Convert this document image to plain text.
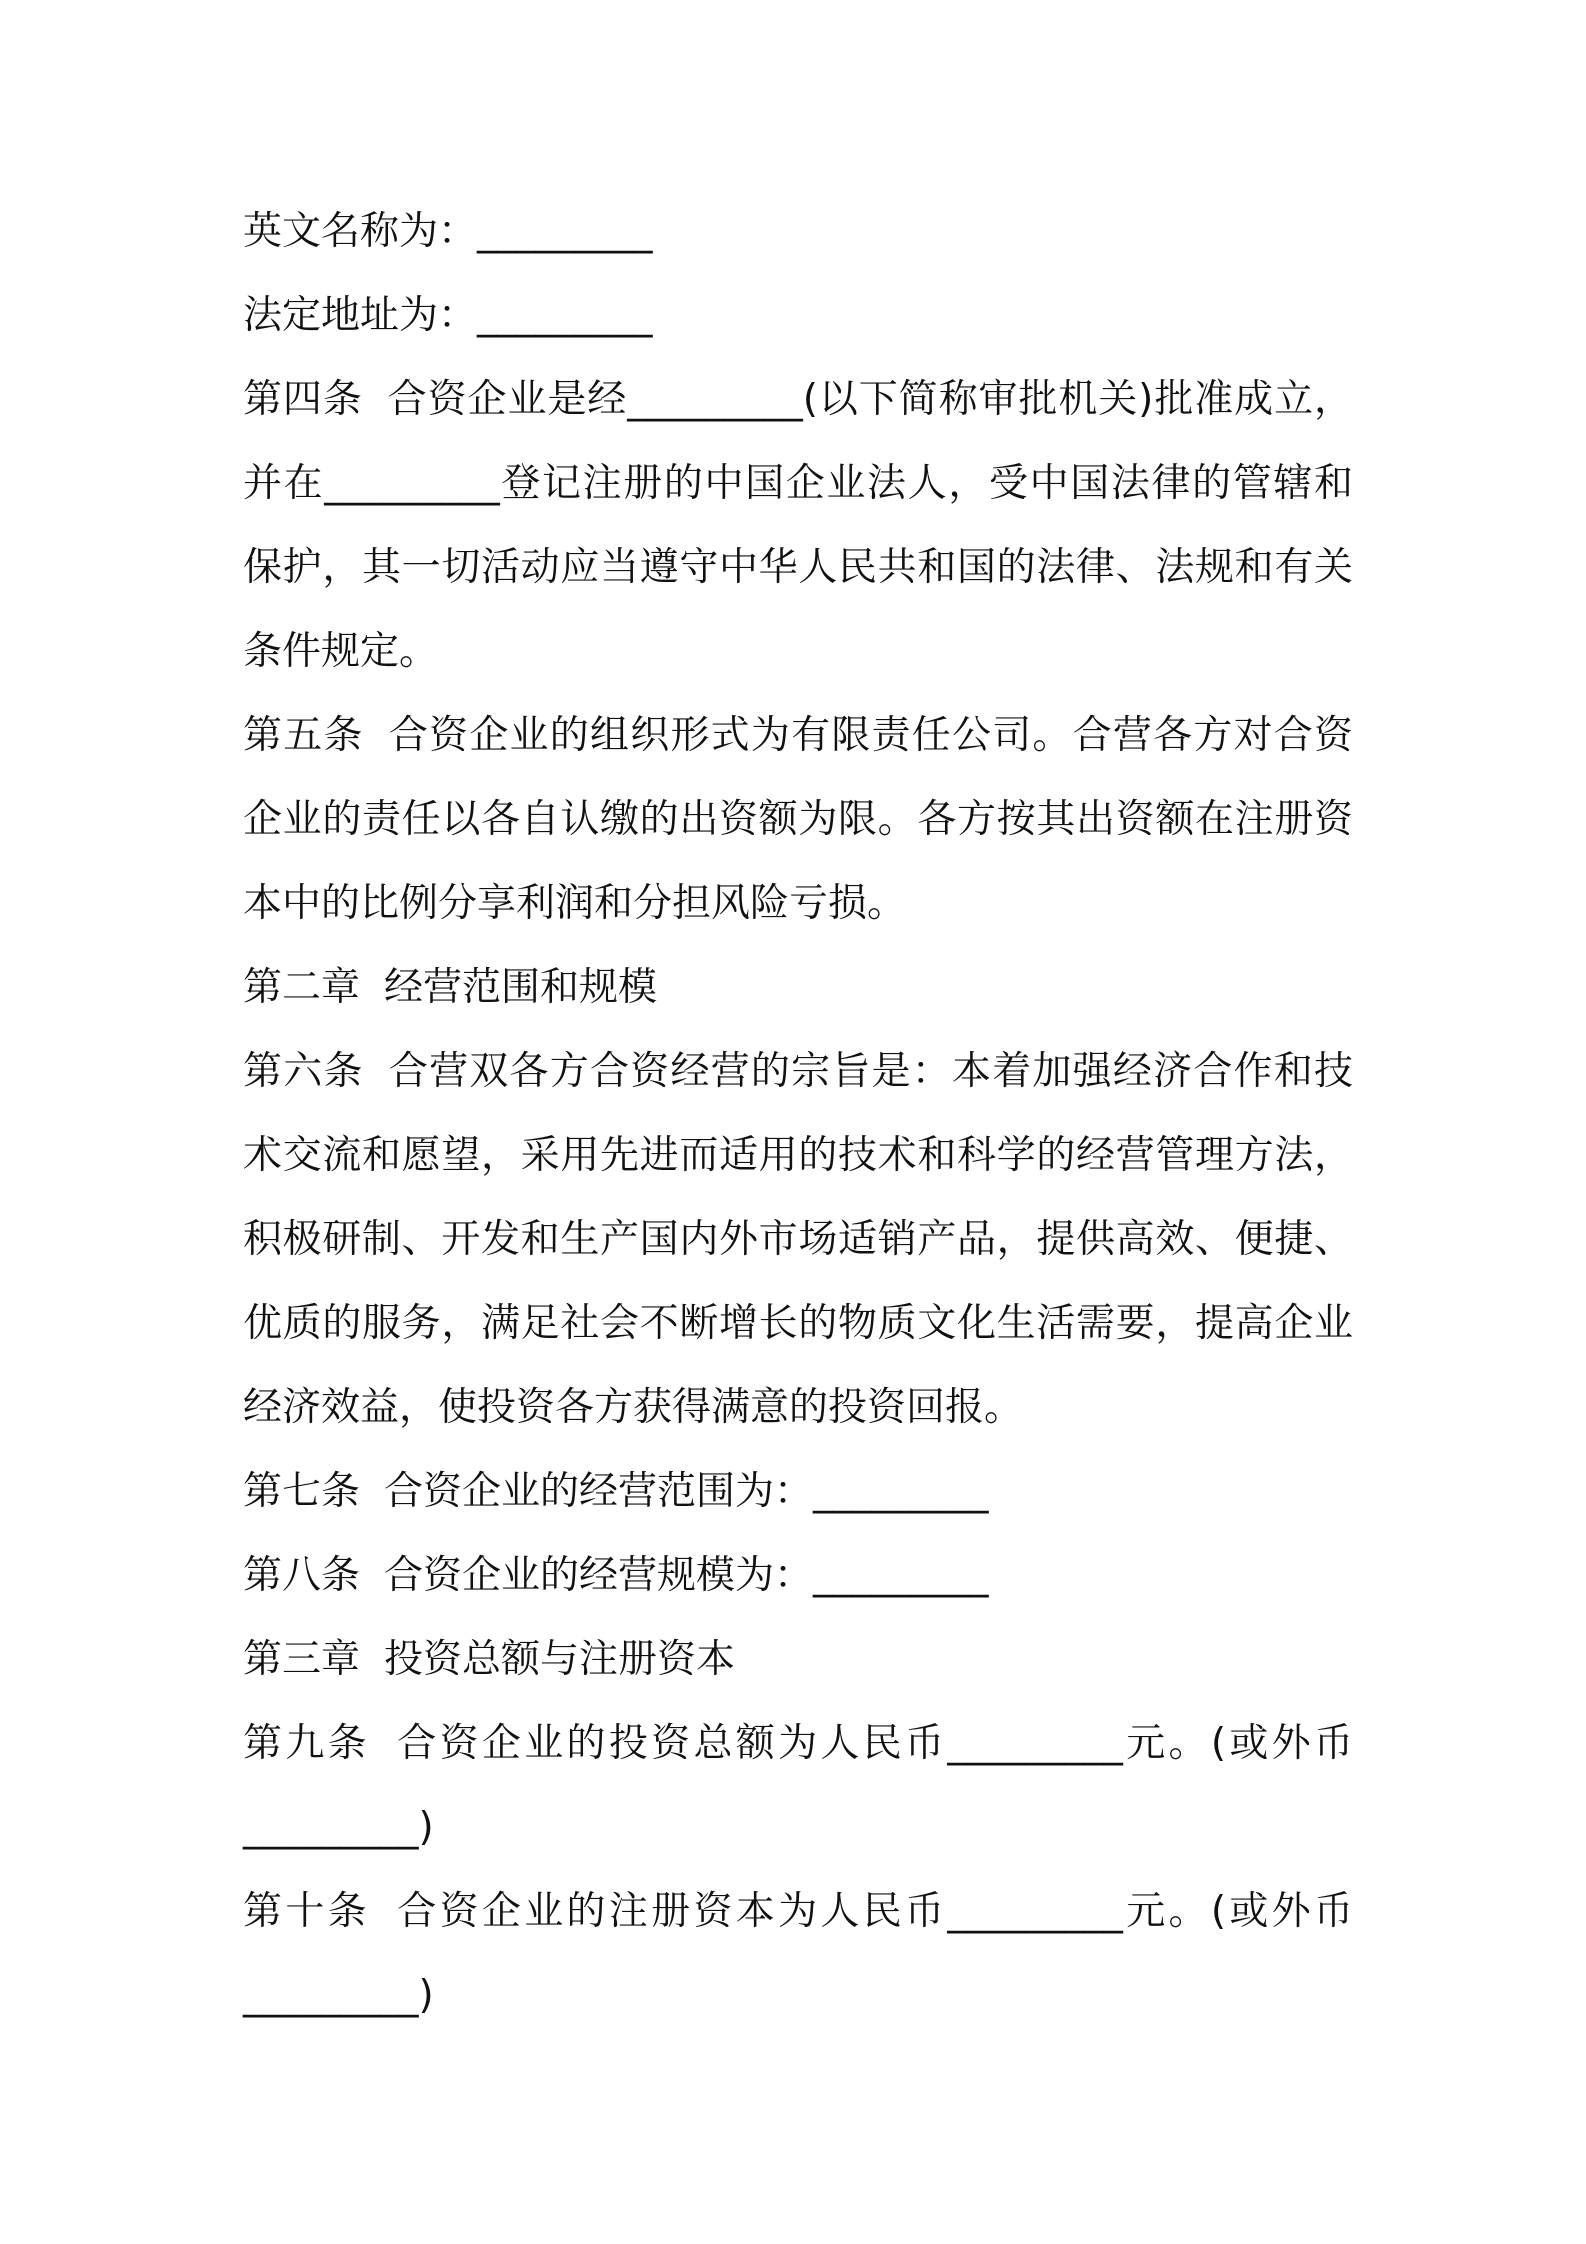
英文名称为：_________

法定地址为：_________

第四条 合资企业是经_________(以下简称审批机关)批准成立，并在_________登记注册的中国企业法人，受中国法律的管辖和保护，其一切活动应当遵守中华人民共和国的法律、法规和有关条件规定。

第五条 合资企业的组织形式为有限责任公司。合营各方对合资企业的责任以各自认缴的出资额为限。各方按其出资额在注册资本中的比例分享利润和分担风险亏损。

第二章 经营范围和规模

第六条 合营双各方合资经营的宗旨是：本着加强经济合作和技术交流和愿望，采用先进而适用的技术和科学的经营管理方法，积极研制、开发和生产国内外市场适销产品，提供高效、便捷、优质的服务，满足社会不断增长的物质文化生活需要，提高企业经济效益，使投资各方获得满意的投资回报。

第七条 合资企业的经营范围为：_________

第八条 合资企业的经营规模为：_________

第三章 投资总额与注册资本

第九条 合资企业的投资总额为人民币_________元。(或外币_________)

第十条 合资企业的注册资本为人民币_________元。(或外币_________)
